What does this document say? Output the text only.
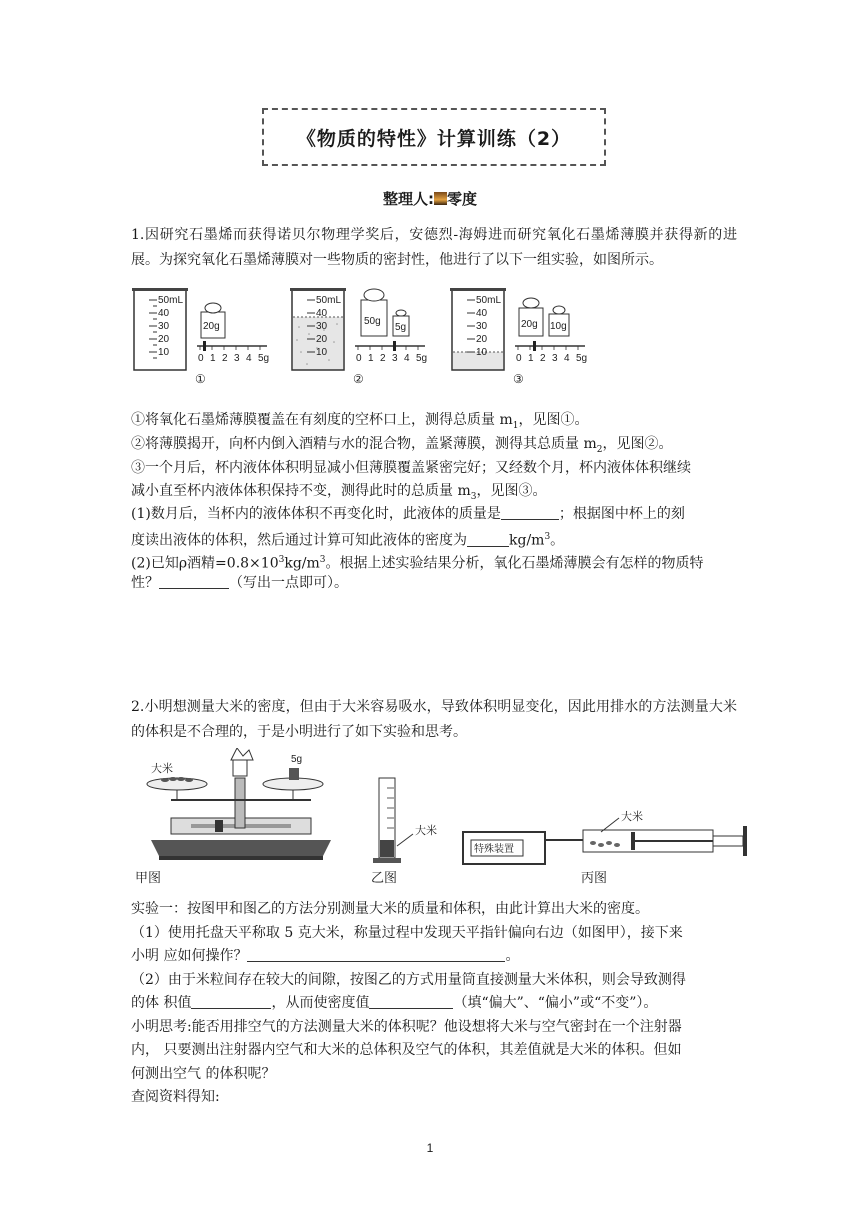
《物质的特性》计算训练（2）
整理人: 零度

1.因研究石墨烯而获得诺贝尔物理学奖后，安德烈-海姆进而研究氧化石墨烯薄膜并获得新的进展。为探究氧化石墨烯薄膜对一些物质的密封性，他进行了以下一组实验，如图所示。

50mL
40
30
20
10
20g
0 1 2 3 4 5g
①
50mL
40
30
20
10
50g
5g
0 1 2 3 4 5g
②
50mL
40
30
20
10
20g 10g
0 1 2 3 4 5g
③

①将氧化石墨烯薄膜覆盖在有刻度的空杯口上，测得总质量 $m_1$，见图①。

②将薄膜揭开，向杯内倒入酒精与水的混合物，盖紧薄膜，测得其总质量 $m_2$，见图②。

③一个月后，杯内液体体积明显减小但薄膜覆盖紧密完好；又经数个月，杯内液体体积继续

减小直至杯内液体体积保持不变，测得此时的总质量 $m_3$，见图③。

(1)数月后，当杯内的液体体积不再变化时，此液体的质量是	；根据图中杯上的刻

度读出液体的体积，然后通过计算可知此液体的密度为	$kg/m^3$。

(2)已知ρ酒精$=0.8\times 10^3kg/m^3$。根据上述实验结果分析，氧化石墨烯薄膜会有怎样的物质特

性？	（写出一点即可）。

2.小明想测量大米的密度，但由于大米容易吸水，导致体积明显变化，因此用排水的方法测量大米 的体积是不合理的，于是小明进行了如下实验和思考。

大米
5g
甲图
大米
乙图
特殊装置
大米
丙图

实验一：按图甲和图乙的方法分别测量大米的质量和体积，由此计算出大米的密度。

（1）使用托盘天平称取 5 克大米，称量过程中发现天平指针偏向右边（如图甲），接下来

小明 应如何操作？	。

（2）由于米粒间存在较大的间隙，按图乙的方式用量筒直接测量大米体积，则会导致测得

的体 积值	，从而使密度值	（填“偏大”、“偏小”或“不变”）。

小明思考:能否用排空气的方法测量大米的体积呢？他设想将大米与空气密封在一个注射器

内， 只要测出注射器内空气和大米的总体积及空气的体积，其差值就是大米的体积。但如

何测出空气 的体积呢？

查阅资料得知:

1
